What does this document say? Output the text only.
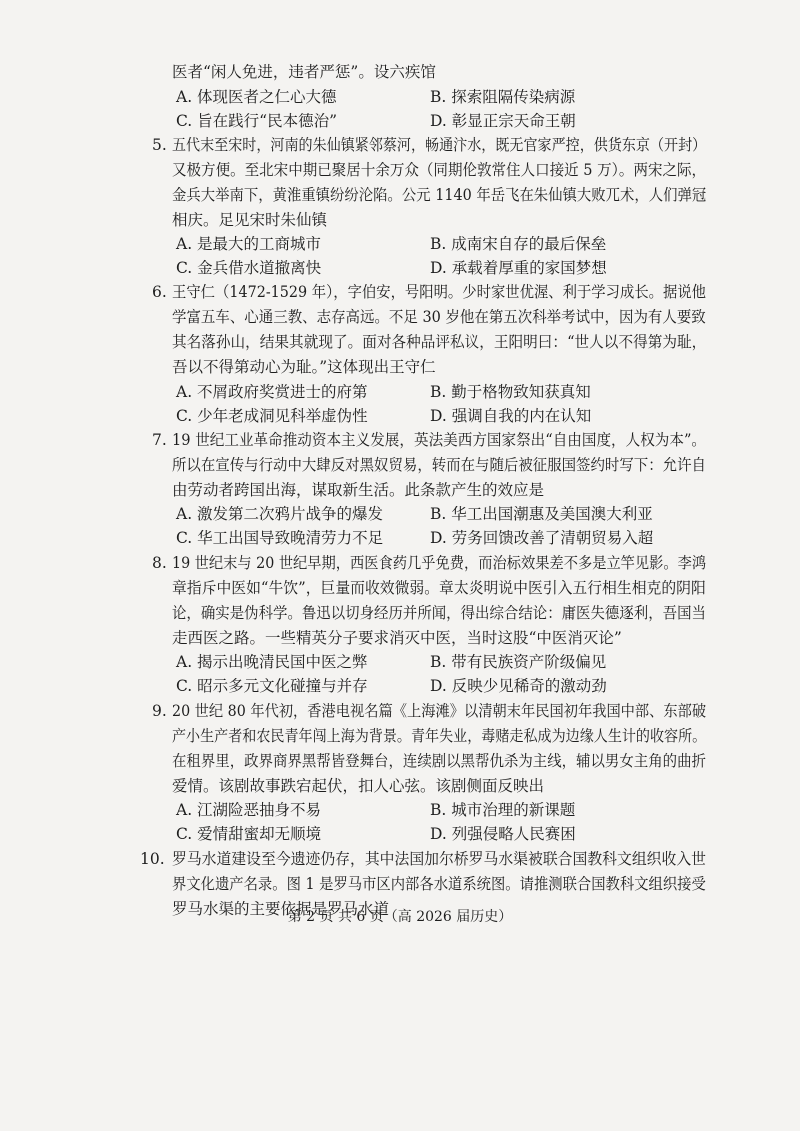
医者“闲人免进，违者严惩”。设六疾馆
A. 体现医者之仁心大德	B. 探索阻隔传染病源
C. 旨在践行“民本德治”	D. 彰显正宗天命王朝
5. 五代末至宋时，河南的朱仙镇紧邻蔡河，畅通汴水，既无官家严控，供货东京（开封）
又极方便。至北宋中期已聚居十余万众（同期伦敦常住人口接近 5 万）。两宋之际，
金兵大举南下，黄淮重镇纷纷沦陷。公元 1140 年岳飞在朱仙镇大败兀术，人们弹冠
相庆。足见宋时朱仙镇
A. 是最大的工商城市	B. 成南宋自存的最后保垒
C. 金兵借水道撤离快	D. 承载着厚重的家国梦想
6. 王守仁（1472-1529 年），字伯安，号阳明。少时家世优渥、利于学习成长。据说他
学富五车、心通三教、志存高远。不足 30 岁他在第五次科举考试中，因为有人要致
其名落孙山，结果其就现了。面对各种品评私议，王阳明曰：“世人以不得第为耻，
吾以不得第动心为耻。”这体现出王守仁
A. 不屑政府奖赏进士的府第	B. 勤于格物致知获真知
C. 少年老成洞见科举虚伪性	D. 强调自我的内在认知
7. 19 世纪工业革命推动资本主义发展，英法美西方国家祭出“自由国度，人权为本”。
所以在宣传与行动中大肆反对黑奴贸易，转而在与随后被征服国签约时写下：允许自
由劳动者跨国出海，谋取新生活。此条款产生的效应是
A. 激发第二次鸦片战争的爆发	B. 华工出国潮惠及美国澳大利亚
C. 华工出国导致晚清劳力不足	D. 劳务回馈改善了清朝贸易入超
8. 19 世纪末与 20 世纪早期，西医食药几乎免费，而治标效果差不多是立竿见影。李鸿
章指斥中医如“牛饮”，巨量而收效微弱。章太炎明说中医引入五行相生相克的阴阳
论，确实是伪科学。鲁迅以切身经历并所闻，得出综合结论：庸医失德逐利，吾国当
走西医之路。一些精英分子要求消灭中医，当时这股“中医消灭论”
A. 揭示出晚清民国中医之弊	B. 带有民族资产阶级偏见
C. 昭示多元文化碰撞与并存	D. 反映少见稀奇的激动劲
9. 20 世纪 80 年代初，香港电视名篇《上海滩》以清朝末年民国初年我国中部、东部破
产小生产者和农民青年闯上海为背景。青年失业，毒赌走私成为边缘人生计的收容所。
在租界里，政界商界黑帮皆登舞台，连续剧以黑帮仇杀为主线，辅以男女主角的曲折
爱情。该剧故事跌宕起伏，扣人心弦。该剧侧面反映出
A. 江湖险恶抽身不易	B. 城市治理的新课题
C. 爱情甜蜜却无顺境	D. 列强侵略人民赛困
10. 罗马水道建设至今遗迹仍存，其中法国加尔桥罗马水渠被联合国教科文组织收入世
界文化遗产名录。图 1 是罗马市区内部各水道系统图。请推测联合国教科文组织接受
罗马水渠的主要依据是罗马水道
第 2 页 共 6 页（高 2026 届历史）
